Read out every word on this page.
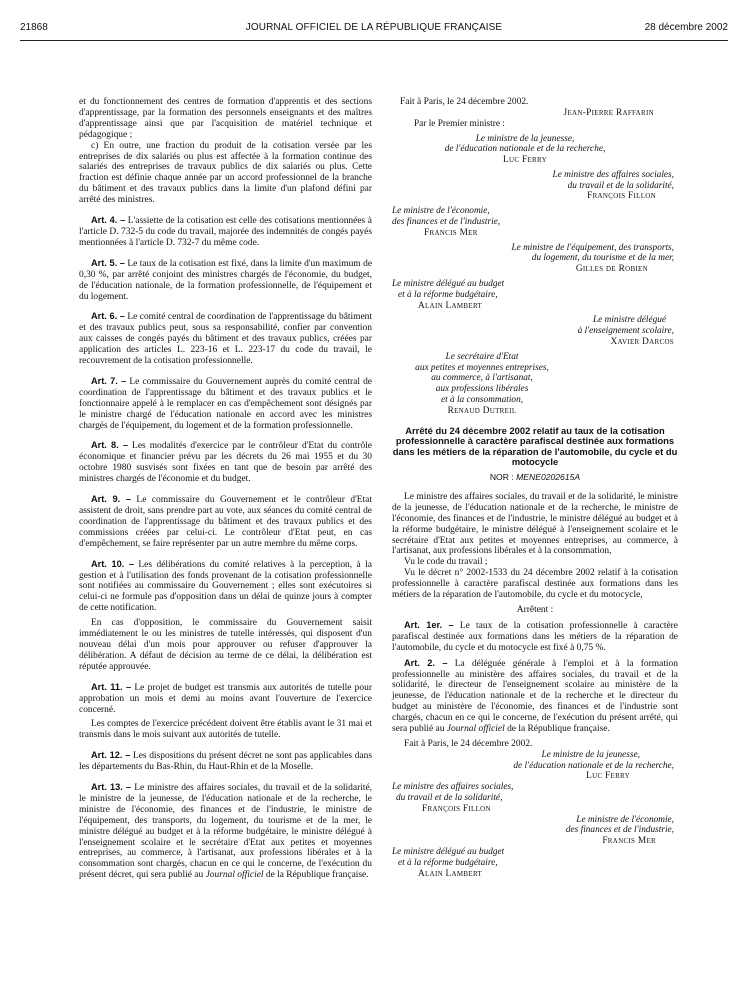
21868	JOURNAL OFFICIEL DE LA RÉPUBLIQUE FRANÇAISE	28 décembre 2002

et du fonctionnement des centres de formation d'apprentis et des sections d'apprentissage, par la formation des personnels enseignants et des maîtres d'apprentissage ainsi que par l'acquisition de matériel technique et pédagogique ;

c) En outre, une fraction du produit de la cotisation versée par les entreprises de dix salariés ou plus est affectée à la formation continue des salariés des entreprises de travaux publics de dix salariés ou plus. Cette fraction est définie chaque année par un accord professionnel de la branche du bâtiment et des travaux publics dans la limite d'un plafond défini par arrêté des ministres.

Art. 4. – L'assiette de la cotisation est celle des cotisations mentionnées à l'article D. 732-5 du code du travail, majorée des indemnités de congés payés mentionnées à l'article D. 732-7 du même code.

Art. 5. – Le taux de la cotisation est fixé, dans la limite d'un maximum de 0,30 %, par arrêté conjoint des ministres chargés de l'économie, du budget, de l'éducation nationale, de la formation professionnelle, de l'équipement et du logement.

Art. 6. – Le comité central de coordination de l'apprentissage du bâtiment et des travaux publics peut, sous sa responsabilité, confier par convention aux caisses de congés payés du bâtiment et des travaux publics, créées par application des articles L. 223-16 et L. 223-17 du code du travail, le recouvrement de la cotisation professionnelle.

Art. 7. – Le commissaire du Gouvernement auprès du comité central de coordination de l'apprentissage du bâtiment et des travaux publics et le fonctionnaire appelé à le remplacer en cas d'empêchement sont désignés par le ministre chargé de l'éducation nationale en accord avec les ministres chargés de l'équipement, du logement et de la formation professionnelle.

Art. 8. – Les modalités d'exercice par le contrôleur d'Etat du contrôle économique et financier prévu par les décrets du 26 mai 1955 et du 30 octobre 1980 susvisés sont fixées en tant que de besoin par arrêté des ministres chargés de l'économie et du budget.

Art. 9. – Le commissaire du Gouvernement et le contrôleur d'Etat assistent de droit, sans prendre part au vote, aux séances du comité central de coordination de l'apprentissage du bâtiment et des travaux publics et des commissions créées par celui-ci. Le contrôleur d'Etat peut, en cas d'empêchement, se faire représenter par un autre membre du même corps.

Art. 10. – Les délibérations du comité relatives à la perception, à la gestion et à l'utilisation des fonds provenant de la cotisation professionnelle sont notifiées au commissaire du Gouvernement ; elles sont exécutoires si celui-ci ne formule pas d'opposition dans un délai de quinze jours à compter de cette notification.

En cas d'opposition, le commissaire du Gouvernement saisit immédiatement le ou les ministres de tutelle intéressés, qui disposent d'un nouveau délai d'un mois pour approuver ou refuser d'approuver la délibération. A défaut de décision au terme de ce délai, la délibération est réputée approuvée.

Art. 11. – Le projet de budget est transmis aux autorités de tutelle pour approbation un mois et demi au moins avant l'ouverture de l'exercice concerné.

Les comptes de l'exercice précédent doivent être établis avant le 31 mai et transmis dans le mois suivant aux autorités de tutelle.

Art. 12. – Les dispositions du présent décret ne sont pas applicables dans les départements du Bas-Rhin, du Haut-Rhin et de la Moselle.

Art. 13. – Le ministre des affaires sociales, du travail et de la solidarité, le ministre de la jeunesse, de l'éducation nationale et de la recherche, le ministre de l'économie, des finances et de l'industrie, le ministre de l'équipement, des transports, du logement, du tourisme et de la mer, le ministre délégué au budget et à la réforme budgétaire, le ministre délégué à l'enseignement scolaire et le secrétaire d'Etat aux petites et moyennes entreprises, au commerce, à l'artisanat, aux professions libérales et à la consommation sont chargés, chacun en ce qui le concerne, de l'exécution du présent décret, qui sera publié au Journal officiel de la République française.

Fait à Paris, le 24 décembre 2002.

Jean-Pierre Raffarin
Par le Premier ministre :
Le ministre de la jeunesse,
de l'éducation nationale et de la recherche,
Luc Ferry
Le ministre des affaires sociales,
du travail et de la solidarité,
François Fillon
Le ministre de l'économie,
des finances et de l'industrie,
Francis Mer
Le ministre de l'équipement, des transports,
du logement, du tourisme et de la mer,
Gilles de Robien
Le ministre délégué au budget
et à la réforme budgétaire,
Alain Lambert
Le ministre délégué
à l'enseignement scolaire,
Xavier Darcos
Le secrétaire d'Etat
aux petites et moyennes entreprises,
au commerce, à l'artisanat,
aux professions libérales
et à la consommation,
Renaud Dutreil
Arrêté du 24 décembre 2002 relatif au taux de la cotisation professionnelle à caractère parafiscal destinée aux formations dans les métiers de la réparation de l'automobile, du cycle et du motocycle
NOR : MENE0202615A

Le ministre des affaires sociales, du travail et de la solidarité, le ministre de la jeunesse, de l'éducation nationale et de la recherche, le ministre de l'économie, des finances et de l'industrie, le ministre délégué au budget et à la réforme budgétaire, le ministre délégué à l'enseignement scolaire et le secrétaire d'Etat aux petites et moyennes entreprises, au commerce, à l'artisanat, aux professions libérales et à la consommation,

Vu le code du travail ;

Vu le décret n° 2002-1533 du 24 décembre 2002 relatif à la cotisation professionnelle à caractère parafiscal destinée aux formations dans les métiers de la réparation de l'automobile, du cycle et du motocycle,

Arrêtent :

Art. 1er. – Le taux de la cotisation professionnelle à caractère parafiscal destinée aux formations dans les métiers de la réparation de l'automobile, du cycle et du motocycle est fixé à 0,75 %.

Art. 2. – La déléguée générale à l'emploi et à la formation professionnelle au ministère des affaires sociales, du travail et de la solidarité, le directeur de l'enseignement scolaire au ministère de la jeunesse, de l'éducation nationale et de la recherche et le directeur du budget au ministère de l'économie, des finances et de l'industrie sont chargés, chacun en ce qui le concerne, de l'exécution du présent arrêté, qui sera publié au Journal officiel de la République française.

Fait à Paris, le 24 décembre 2002.

Le ministre de la jeunesse,
de l'éducation nationale et de la recherche,
Luc Ferry
Le ministre des affaires sociales,
du travail et de la solidarité,
François Fillon
Le ministre de l'économie,
des finances et de l'industrie,
Francis Mer
Le ministre délégué au budget
et à la réforme budgétaire,
Alain Lambert
